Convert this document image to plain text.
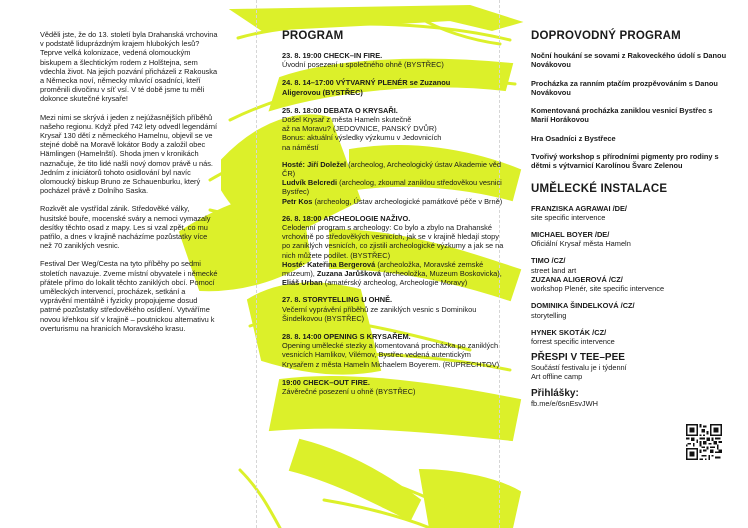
Věděli jste, že do 13. století byla Drahanská vrchovina v podstatě liduprázdným krajem hlubokých lesů? Teprve velká kolonizace, vedená olomouckým biskupem a šlechtickým rodem z Holštejna, sem vdechla život. Na jejich pozvání přicházeli z Rakouska a Německa noví, německy mluvící osadníci, kteří proměnili divočinu v síť vsí. V té době jsme tu měli dokonce skutečné krysaře!

Mezi nimi se skrývá i jeden z nejúžasnějších příběhů našeho regionu. Když před 742 lety odvedl legendární Krysař 130 dětí z německého Hamelnu, objevil se ve stejné době na Moravě lokátor Body a založil obec Hämlingen (Hamelnští). Shoda jmen v kronikách naznačuje, že tito lidé našli nový domov právě u nás. Jedním z iniciátorů tohoto osidlování byl navíc olomoucký biskup Bruno ze Schauenburku, který pocházel právě z Dolního Saska.

Rozkvět ale vystřídal zánik. Středověké války, husitské bouře, mocenské sváry a nemoci vymazaly desítky těchto osad z mapy. Les si vzal zpět, co mu patřilo, a dnes v krajině nacházíme pozůstatky více než 70 zaniklých vesnic.

Festival Der Weg/Cesta na tyto příběhy po sedmi stoletích navazuje. Zveme místní obyvatele i německé přátele přímo do lokalit těchto zaniklých obcí. Pomocí uměleckých intervencí, procházek, setkání a vyprávění mentálně i fyzicky propojujeme dosud patrné pozůstatky středověkého osídlení. Vytváříme novou křehkou síť v krajině – poutnickou alternativu k overturismu na hranicích Moravského krasu.

PROGRAM
23. 8. 19:00 CHECK–IN FIRE.
Úvodní posezení u společného ohně (BYSTŘEC)
24. 8. 14–17:00 VÝTVARNÝ PLENÉR se Zuzanou
Aligerovou (BYSTŘEC)
25. 8. 18:00 DEBATA O KRYSAŘI.
Došel Krysař z města Hameln skutečně
až na Moravu? (JEDOVNICE, PANSKÝ DVŮR)
Bonus: aktuální výsledky výzkumu v Jedovnicích
na náměstí
Hosté: Jiří Doležel (archeolog, Archeologický ústav Akademie věd ČR)
Ludvík Belcredi (archeolog, zkoumal zaniklou středověkou vesnici Bystřec)
Petr Kos (archeolog, Ústav archeologické památkové péče v Brně)
26. 8. 18:00 ARCHEOLOGIE NAŽIVO.
Celodenní program s archeology: Co bylo a zbylo na Drahanské vrchovině po středověkých vesnicích, jak se v krajině hledají stopy po zaniklých vesnicích, co zjistili archeologické výzkumy a jak se na nich můžete podílet. (BYSTŘEC)
Hosté: Kateřina Bergerová (archeoložka, Moravské zemské muzeum), Zuzana Jarůšková (archeoložka, Muzeum Boskovicka), Eliáš Urban (amatérský archeolog, Archeologie Moravy)
27. 8. STORYTELLING U OHNĚ.
Večerní vyprávění příběhů ze zaniklých vesnic s Dominikou Šindelkovou (BYSTŘEC)
28. 8. 14:00 OPENING S KRYSAŘEM.
Opening umělecké stezky a komentovaná procházka po zaniklých vesnicích Hamlikov, Vilémov, Bystřec vedená autentickým Krysařem z města Hameln Michaelem Boyerem. (RUPRECHTOV)
19:00 CHECK–OUT FIRE.
Závěrečné posezení u ohně (BYSTŘEC)
DOPROVODNÝ PROGRAM
Noční houkání se sovami z Rakoveckého údolí s Danou Novákovou
Procházka za ranním ptačím prozpěvováním s Danou Novákovou
Komentovaná procházka zaniklou vesnicí Bystřec s Marií Horákovou
Hra Osadníci z Bystřece
Tvořivý workshop s přírodními pigmenty pro rodiny s dětmi s výtvarnicí Karolínou Švarc Zelenou
UMĚLECKÉ INSTALACE
FRANZISKA AGRAWAI /DE/
site specific intervence
MICHAEL BOYER /DE/
Oficiální Krysař města Hameln
TIMO /CZ/
street land art
ZUZANA ALIGEROVÁ /CZ/
workshop Plenér, site specific intervence
DOMINIKA ŠINDELKOVÁ /CZ/
storytelling
HYNEK SKOTÁK /CZ/
forrest specific intervence
PŘESPI V TEE–PEE
Součástí festivalu je i týdenní
Art offline camp
Přihlášky:
fb.me/e/6snEsvJWH
